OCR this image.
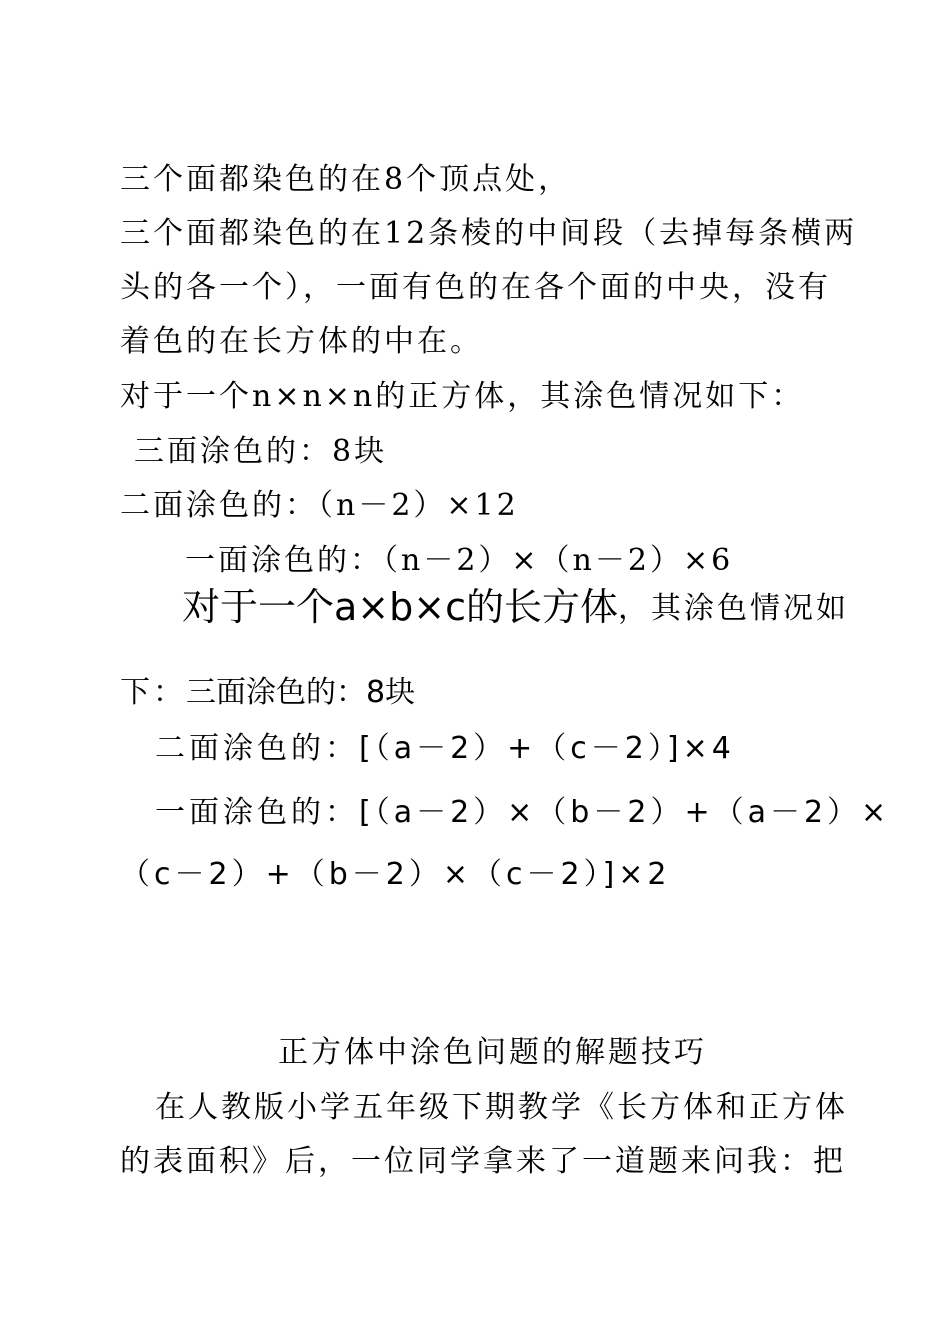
三个面都染色的在8个顶点处，
三个面都染色的在12条棱的中间段（去掉每条横两
头的各一个），一面有色的在各个面的中央，没有
着色的在长方体的中在。
对于一个n×n×n的正方体，其涂色情况如下：
三面涂色的：8块
二面涂色的：（n－2）×12
一面涂色的：（n－2）×（n－2）×6
对于一个a×b×c的长方体，其涂色情况如
下：三面涂色的：8块
二面涂色的：[（a－2）+（c－2）]×4
一面涂色的：[（a－2）×（b－2）+（a－2）×
（c－2）+（b－2）×（c－2）]×2
正方体中涂色问题的解题技巧
在人教版小学五年级下期教学《长方体和正方体
的表面积》后，一位同学拿来了一道题来问我：把
